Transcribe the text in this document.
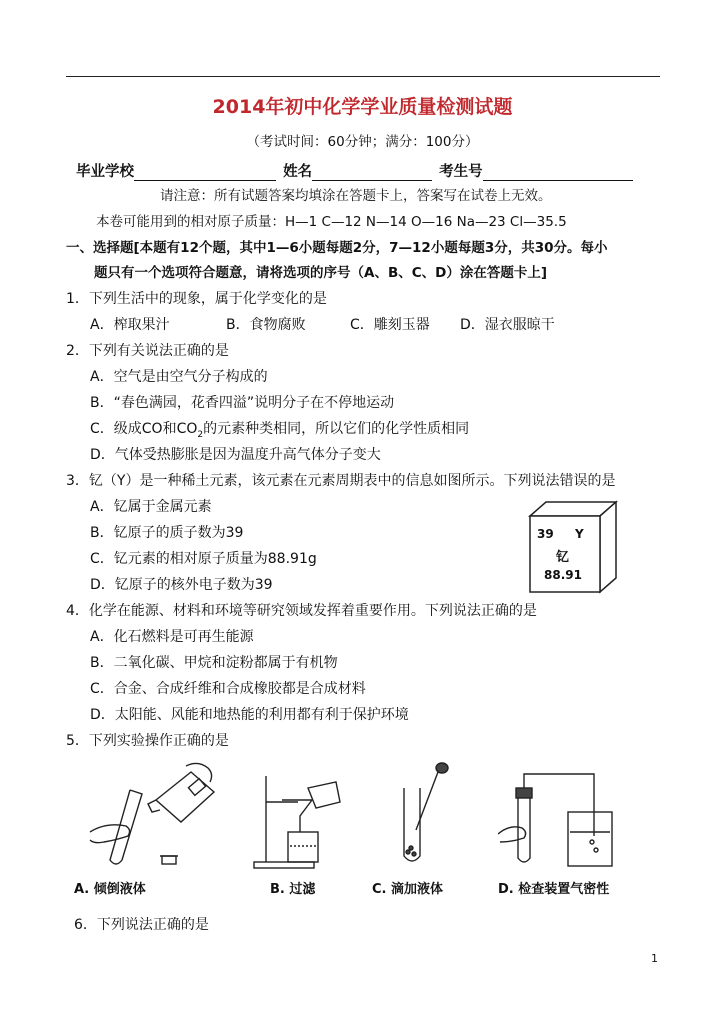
2014年初中化学学业质量检测试题
（考试时间：60分钟；满分：100分）
毕业学校	姓名	考生号
请注意：所有试题答案均填涂在答题卡上，答案写在试卷上无效。
本卷可能用到的相对原子质量：H—1 C—12 N—14 O—16 Na—23 Cl—35.5
一、选择题[本题有12个题，其中1—6小题每题2分，7—12小题每题3分，共30分。每小
题只有一个选项符合题意，请将选项的序号（A、B、C、D）涂在答题卡上]
1．下列生活中的现象，属于化学变化的是
A．榨取果汁	B．食物腐败	C．雕刻玉器 D．湿衣服晾干
2．下列有关说法正确的是
A．空气是由空气分子构成的
B．“春色满园，花香四溢”说明分子在不停地运动
C．级成CO和$CO_2$的元素种类相同，所以它们的化学性质相同
D．气体受热膨胀是因为温度升高气体分子变大
3．钇（Y）是一种稀土元素，该元素在元素周期表中的信息如图所示。下列说法错误的是
A．钇属于金属元素
B．钇原子的质子数为39
C．钇元素的相对原子质量为88.91g
D．钇原子的核外电子数为39
39 Y
钇
88.91
4．化学在能源、材料和环境等研究领域发挥着重要作用。下列说法正确的是
A．化石燃料是可再生能源
B．二氧化碳、甲烷和淀粉都属于有机物
C．合金、合成纤维和合成橡胶都是合成材料
D．太阳能、风能和地热能的利用都有利于保护环境
5．下列实验操作正确的是
A. 倾倒液体	B. 过滤	C. 滴加液体	D. 检查装置气密性
6．下列说法正确的是
1
